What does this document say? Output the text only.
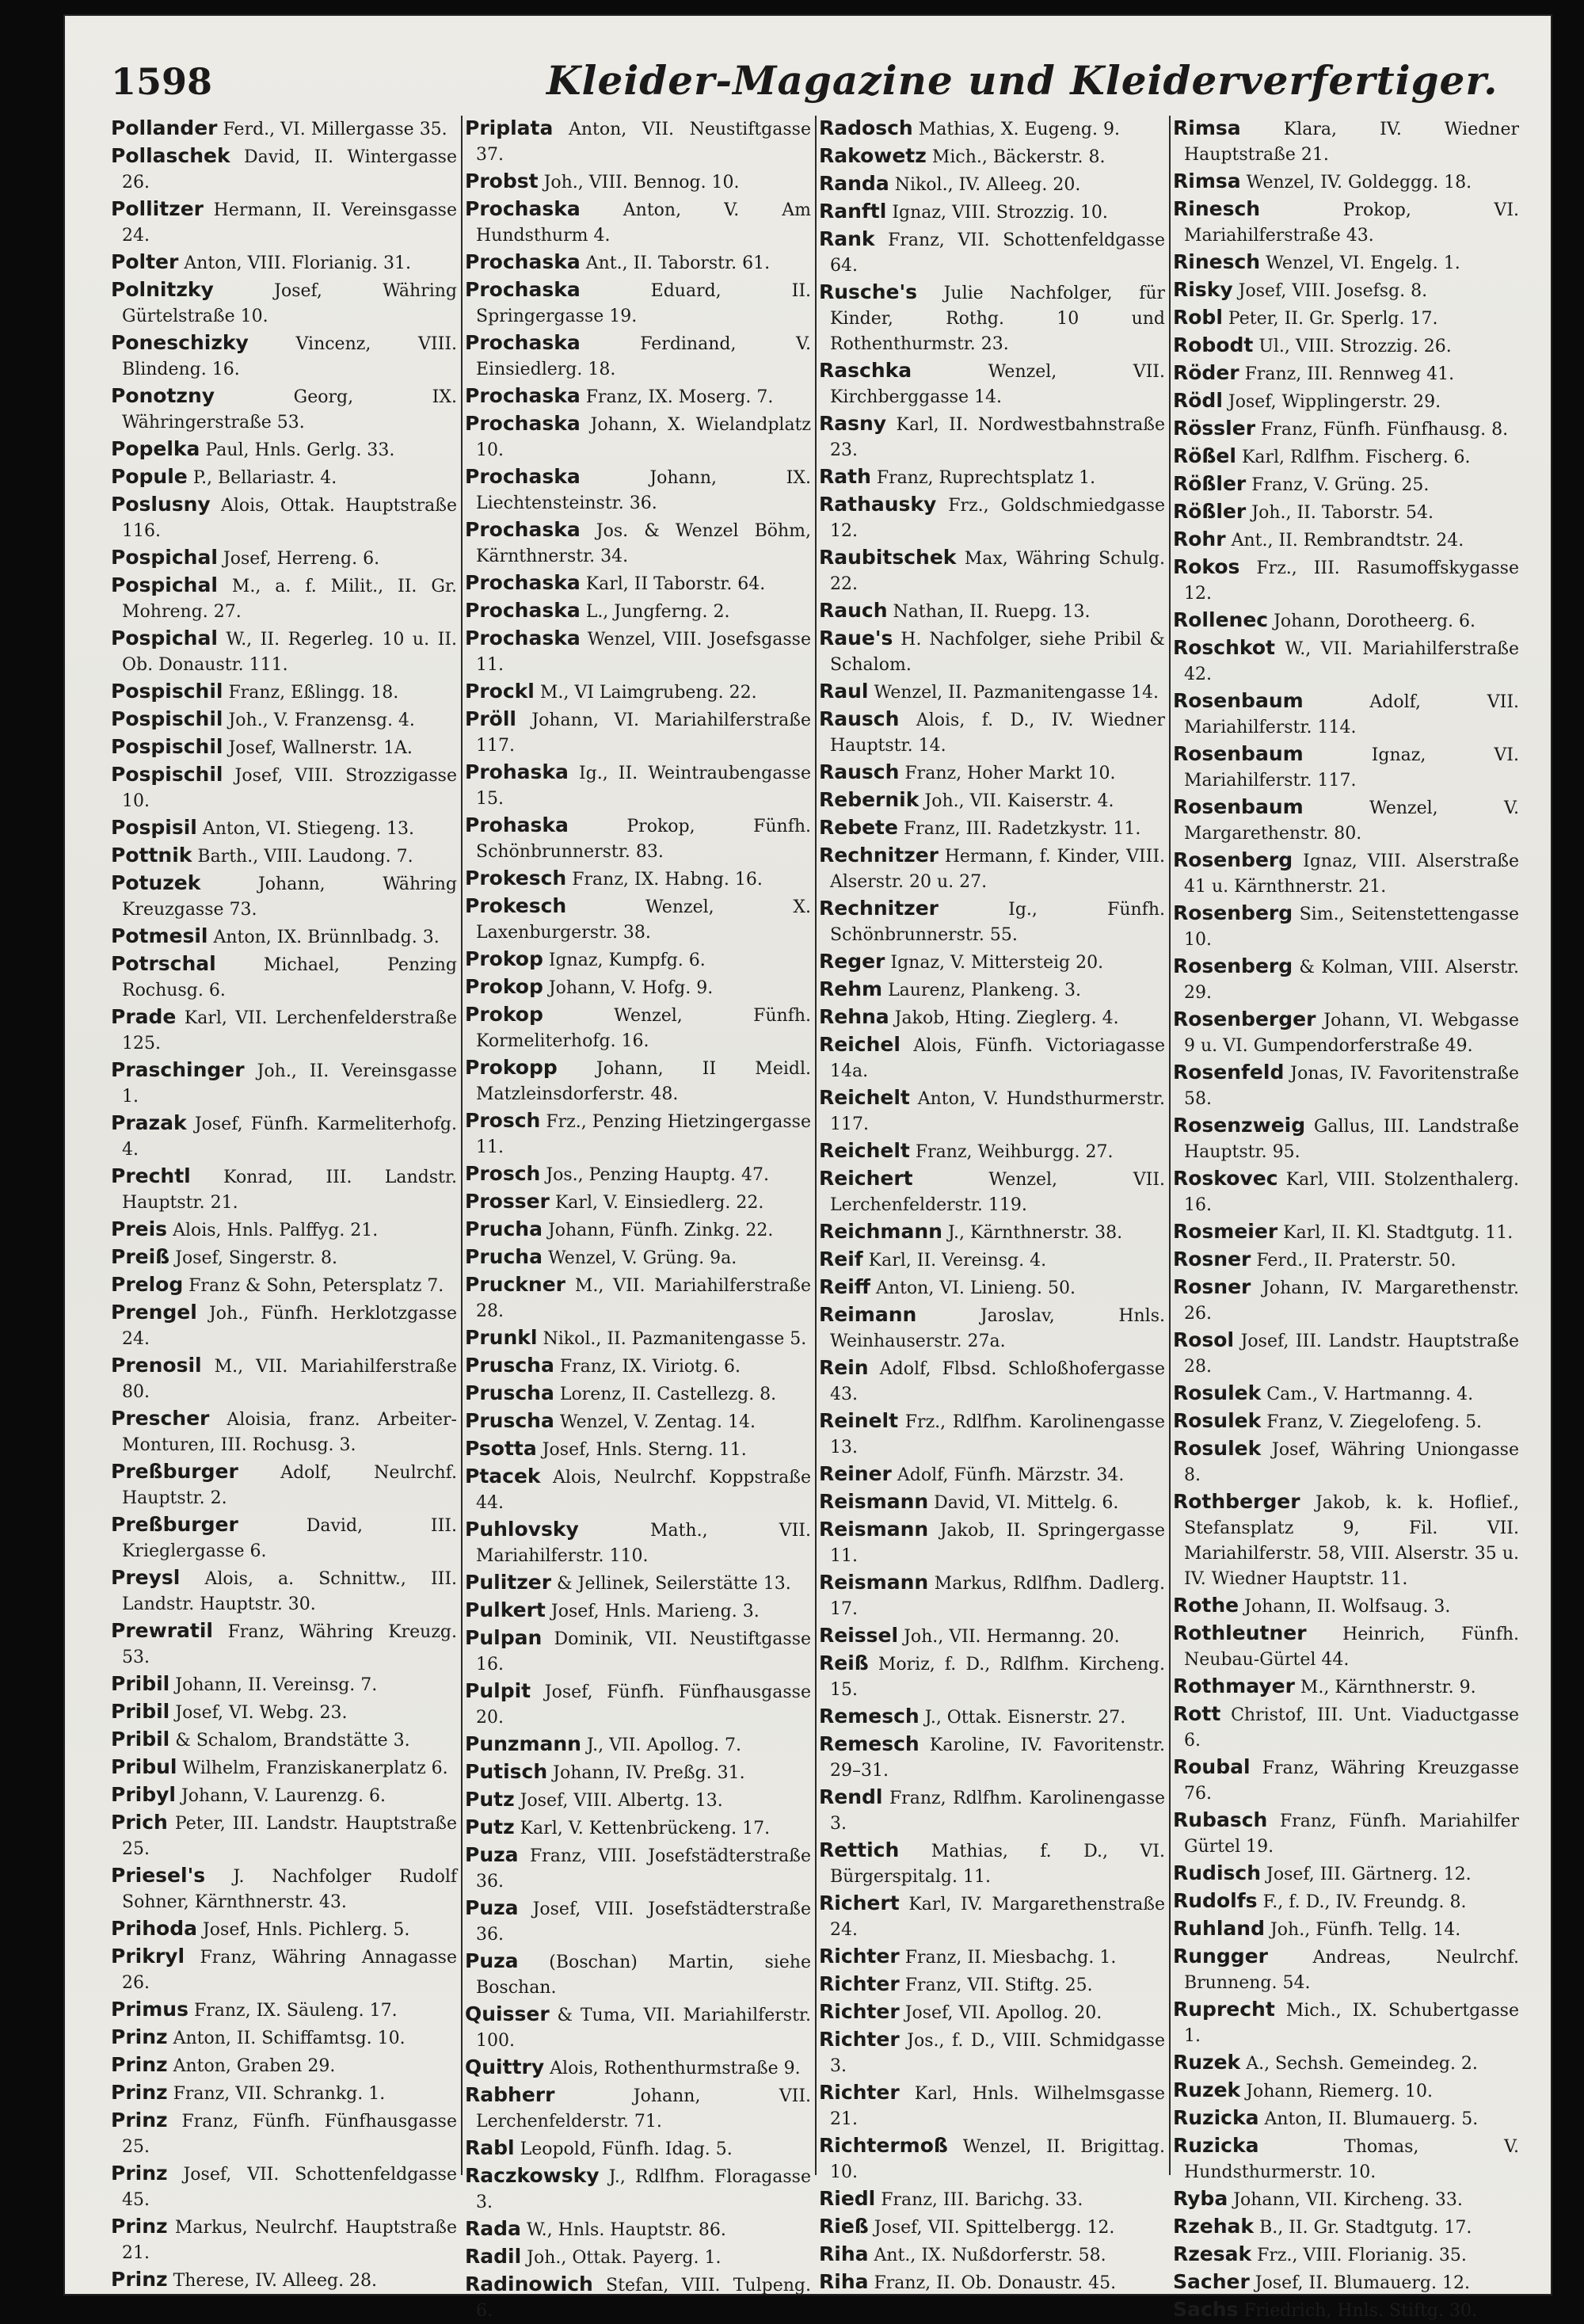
1598	Kleider-Magazine und Kleiderverfertiger.

Pollander Ferd., VI. Millergasse 35.

Pollaschek David, II. Wintergasse 26.

Pollitzer Hermann, II. Vereinsgasse 24.

Polter Anton, VIII. Florianig. 31.

Polnitzky	Josef, Währing Gürtelstraße 10.

Poneschizky	Vincenz, VIII. Blindeng. 16.

Ponotzny	Georg, IX. Währingerstraße 53.

Popelka Paul, Hnls. Gerlg. 33.

Popule P., Bellariastr. 4.

Poslusny Alois, Ottak. Hauptstraße 116.

Pospichal Josef, Herreng. 6.

Pospichal M., a. f. Milit., II. Gr. Mohreng. 27.

Pospichal W., II. Regerleg. 10 u. II. Ob. Donaustr. 111.

Pospischil Franz, Eßlingg. 18.

Pospischil Joh., V. Franzensg. 4.

Pospischil Josef, Wallnerstr. 1A.

Pospischil Josef, VIII. Strozzigasse 10.

Pospisil Anton, VI. Stiegeng. 13.

Pottnik Barth., VIII. Laudong. 7.

Potuzek	Johann, Währing Kreuzgasse 73.

Potmesil Anton, IX. Brünnlbadg. 3.

Potrschal	Michael, Penzing Rochusg. 6.

Prade Karl, VII. Lerchenfelderstraße 125.

Praschinger Joh., II. Vereinsgasse 1.

Prazak Josef, Fünfh. Karmeliterhofg. 4.

Prechtl Konrad, III. Landstr. Hauptstr. 21.

Preis Alois, Hnls. Palffyg. 21.

Preiß Josef, Singerstr. 8.

Prelog Franz & Sohn, Petersplatz 7.

Prengel Joh., Fünfh. Herklotzgasse 24.

Prenosil M., VII. Mariahilferstraße 80.

Prescher Aloisia, franz. Arbeiter-Monturen, III. Rochusg. 3.

Preßburger Adolf, Neulrchf. Hauptstr. 2.

Preßburger	David, III. Krieglergasse 6.

Preysl Alois, a. Schnittw., III. Landstr. Hauptstr. 30.

Prewratil Franz, Währing Kreuzg. 53.

Pribil Johann, II. Vereinsg. 7.

Pribil Josef, VI. Webg. 23.

Pribil & Schalom, Brandstätte 3.

Pribul Wilhelm, Franziskanerplatz 6.

Pribyl Johann, V. Laurenzg. 6.

Prich Peter, III. Landstr. Hauptstraße 25.

Priesel's J. Nachfolger Rudolf Sohner, Kärnthnerstr. 43.

Prihoda Josef, Hnls. Pichlerg. 5.

Prikryl Franz, Währing Annagasse 26.

Primus Franz, IX. Säuleng. 17.

Prinz Anton, II. Schiffamtsg. 10.

Prinz Anton, Graben 29.

Prinz Franz, VII. Schrankg. 1.

Prinz Franz, Fünfh. Fünfhausgasse 25.

Prinz Josef, VII. Schottenfeldgasse 45.

Prinz Markus, Neulrchf. Hauptstraße 21.

Prinz Therese, IV. Alleeg. 28.

Priplata Anton, VII. Neustiftgasse 37.

Probst Joh., VIII. Bennog. 10.

Prochaska Anton, V. Am Hundsthurm 4.

Prochaska Ant., II. Taborstr. 61.

Prochaska	Eduard, II. Springergasse 19.

Prochaska	Ferdinand, V. Einsiedlerg. 18.

Prochaska Franz, IX. Moserg. 7.

Prochaska Johann, X. Wielandplatz 10.

Prochaska	Johann, IX. Liechtensteinstr. 36.

Prochaska Jos. & Wenzel Böhm, Kärnthnerstr. 34.

Prochaska Karl, II Taborstr. 64.

Prochaska L., Jungferng. 2.

Prochaska Wenzel, VIII. Josefsgasse 11.

Prockl M., VI Laimgrubeng. 22.

Pröll Johann, VI. Mariahilferstraße 117.

Prohaska Ig., II. Weintraubengasse 15.

Prohaska	Prokop, Fünfh. Schönbrunnerstr. 83.

Prokesch Franz, IX. Habng. 16.

Prokesch	Wenzel, X. Laxenburgerstr. 38.

Prokop Ignaz, Kumpfg. 6.

Prokop Johann, V. Hofg. 9.

Prokop	Wenzel, Fünfh. Kormeliterhofg. 16.

Prokopp Johann, II Meidl. Matzleinsdorferstr. 48.

Prosch Frz., Penzing Hietzingergasse 11.

Prosch Jos., Penzing Hauptg. 47.

Prosser Karl, V. Einsiedlerg. 22.

Prucha Johann, Fünfh. Zinkg. 22.

Prucha Wenzel, V. Grüng. 9a.

Pruckner M., VII. Mariahilferstraße 28.

Prunkl Nikol., II. Pazmanitengasse 5.

Pruscha Franz, IX. Viriotg. 6.

Pruscha Lorenz, II. Castellezg. 8.

Pruscha Wenzel, V. Zentag. 14.

Psotta Josef, Hnls. Sterng. 11.

Ptacek Alois, Neulrchf. Koppstraße 44.

Puhlovsky	Math., VII. Mariahilferstr. 110.

Pulitzer & Jellinek, Seilerstätte 13.

Pulkert Josef, Hnls. Marieng. 3.

Pulpan Dominik, VII. Neustiftgasse 16.

Pulpit Josef, Fünfh. Fünfhausgasse 20.

Punzmann J., VII. Apollog. 7.

Putisch Johann, IV. Preßg. 31.

Putz Josef, VIII. Albertg. 13.

Putz Karl, V. Kettenbrückeng. 17.

Puza Franz, VIII. Josefstädterstraße 36.

Puza Josef, VIII. Josefstädterstraße 36.

Puza (Boschan) Martin, siehe Boschan.

Quisser & Tuma, VII. Mariahilferstr. 100.

Quittry Alois, Rothenthurmstraße 9.

Rabherr	Johann, VII. Lerchenfelderstr. 71.

Rabl Leopold, Fünfh. Idag. 5.

Raczkowsky J., Rdlfhm. Floragasse 3.

Rada W., Hnls. Hauptstr. 86.

Radil Joh., Ottak. Payerg. 1.

Radinowich Stefan, VIII. Tulpeng. 6.

Radosch Mathias, X. Eugeng. 9.

Rakowetz Mich., Bäckerstr. 8.

Randa Nikol., IV. Alleeg. 20.

Ranftl Ignaz, VIII. Strozzig. 10.

Rank Franz, VII. Schottenfeldgasse 64.

Rusche's Julie Nachfolger, für Kinder, Rothg. 10 und Rothenthurmstr. 23.

Raschka	Wenzel, VII. Kirchberggasse 14.

Rasny Karl, II. Nordwestbahnstraße 23.

Rath Franz, Ruprechtsplatz 1.

Rathausky Frz., Goldschmiedgasse 12.

Raubitschek Max, Währing Schulg. 22.

Rauch Nathan, II. Ruepg. 13.

Raue's H. Nachfolger, siehe Pribil & Schalom.

Raul Wenzel, II. Pazmanitengasse 14.

Rausch Alois, f. D., IV. Wiedner Hauptstr. 14.

Rausch Franz, Hoher Markt 10.

Rebernik Joh., VII. Kaiserstr. 4.

Rebete Franz, III. Radetzkystr. 11.

Rechnitzer Hermann, f. Kinder, VIII. Alserstr. 20 u. 27.

Rechnitzer	Ig., Fünfh. Schönbrunnerstr. 55.

Reger Ignaz, V. Mittersteig 20.

Rehm Laurenz, Plankeng. 3.

Rehna Jakob, Hting. Zieglerg. 4.

Reichel Alois, Fünfh. Victoriagasse 14a.

Reichelt Anton, V. Hundsthurmerstr. 117.

Reichelt Franz, Weihburgg. 27.

Reichert	Wenzel, VII. Lerchenfelderstr. 119.

Reichmann J., Kärnthnerstr. 38.

Reif Karl, II. Vereinsg. 4.

Reiff Anton, VI. Linieng. 50.

Reimann	Jaroslav, Hnls. Weinhauserstr. 27a.

Rein Adolf, Flbsd. Schloßhofergasse 43.

Reinelt Frz., Rdlfhm. Karolinengasse 13.

Reiner Adolf, Fünfh. Märzstr. 34.

Reismann David, VI. Mittelg. 6.

Reismann Jakob, II. Springergasse 11.

Reismann Markus, Rdlfhm. Dadlerg. 17.

Reissel Joh., VII. Hermanng. 20.

Reiß Moriz, f. D., Rdlfhm. Kircheng. 15.

Remesch J., Ottak. Eisnerstr. 27.

Remesch Karoline, IV. Favoritenstr. 29–31.

Rendl Franz, Rdlfhm. Karolinengasse 3.

Rettich Mathias, f. D., VI. Bürgerspitalg. 11.

Richert Karl, IV. Margarethenstraße 24.

Richter Franz, II. Miesbachg. 1.

Richter Franz, VII. Stiftg. 25.

Richter Josef, VII. Apollog. 20.

Richter Jos., f. D., VIII. Schmidgasse 3.

Richter Karl, Hnls. Wilhelmsgasse 21.

Richtermoß Wenzel, II. Brigittag. 10.

Riedl Franz, III. Barichg. 33.

Rieß Josef, VII. Spittelbergg. 12.

Riha Ant., IX. Nußdorferstr. 58.

Riha Franz, II. Ob. Donaustr. 45.

Rimsa Klara, IV. Wiedner Hauptstraße 21.

Rimsa Wenzel, IV. Goldeggg. 18.

Rinesch	Prokop, VI. Mariahilferstraße 43.

Rinesch Wenzel, VI. Engelg. 1.

Risky Josef, VIII. Josefsg. 8.

Robl Peter, II. Gr. Sperlg. 17.

Robodt Ul., VIII. Strozzig. 26.

Röder Franz, III. Rennweg 41.

Rödl Josef, Wipplingerstr. 29.

Rössler Franz, Fünfh. Fünfhausg. 8.

Rößel Karl, Rdlfhm. Fischerg. 6.

Rößler Franz, V. Grüng. 25.

Rößler Joh., II. Taborstr. 54.

Rohr Ant., II. Rembrandtstr. 24.

Rokos Frz., III. Rasumoffskygasse 12.

Rollenec Johann, Dorotheerg. 6.

Roschkot W., VII. Mariahilferstraße 42.

Rosenbaum	Adolf, VII. Mariahilferstr. 114.

Rosenbaum	Ignaz, VI. Mariahilferstr. 117.

Rosenbaum	Wenzel, V. Margarethenstr. 80.

Rosenberg Ignaz, VIII. Alserstraße 41 u. Kärnthnerstr. 21.

Rosenberg Sim., Seitenstettengasse 10.

Rosenberg & Kolman, VIII. Alserstr. 29.

Rosenberger Johann, VI. Webgasse 9 u. VI. Gumpendorferstraße 49.

Rosenfeld Jonas, IV. Favoritenstraße 58.

Rosenzweig Gallus, III. Landstraße Hauptstr. 95.

Roskovec Karl, VIII. Stolzenthalerg. 16.

Rosmeier Karl, II. Kl. Stadtgutg. 11.

Rosner Ferd., II. Praterstr. 50.

Rosner Johann, IV. Margarethenstr. 26.

Rosol Josef, III. Landstr. Hauptstraße 28.

Rosulek Cam., V. Hartmanng. 4.

Rosulek Franz, V. Ziegelofeng. 5.

Rosulek Josef, Währing Uniongasse 8.

Rothberger Jakob, k. k. Hoflief., Stefansplatz 9, Fil. VII. Mariahilferstr. 58, VIII. Alserstr. 35 u. IV. Wiedner Hauptstr. 11.

Rothe Johann, II. Wolfsaug. 3.

Rothleutner Heinrich, Fünfh. Neubau-Gürtel 44.

Rothmayer M., Kärnthnerstr. 9.

Rott Christof, III. Unt. Viaductgasse 6.

Roubal Franz, Währing Kreuzgasse 76.

Rubasch Franz, Fünfh. Mariahilfer Gürtel 19.

Rudisch Josef, III. Gärtnerg. 12.

Rudolfs F., f. D., IV. Freundg. 8.

Ruhland Joh., Fünfh. Tellg. 14.

Rungger	Andreas, Neulrchf. Brunneng. 54.

Ruprecht Mich., IX. Schubertgasse 1.

Ruzek A., Sechsh. Gemeindeg. 2.

Ruzek Johann, Riemerg. 10.

Ruzicka Anton, II. Blumauerg. 5.

Ruzicka	Thomas, V. Hundsthurmerstr. 10.

Ryba Johann, VII. Kircheng. 33.

Rzehak B., II. Gr. Stadtgutg. 17.

Rzesak Frz., VIII. Florianig. 35.

Sacher Josef, II. Blumauerg. 12.

Sachs Friedrich, Hnls. Stiftg. 30.
